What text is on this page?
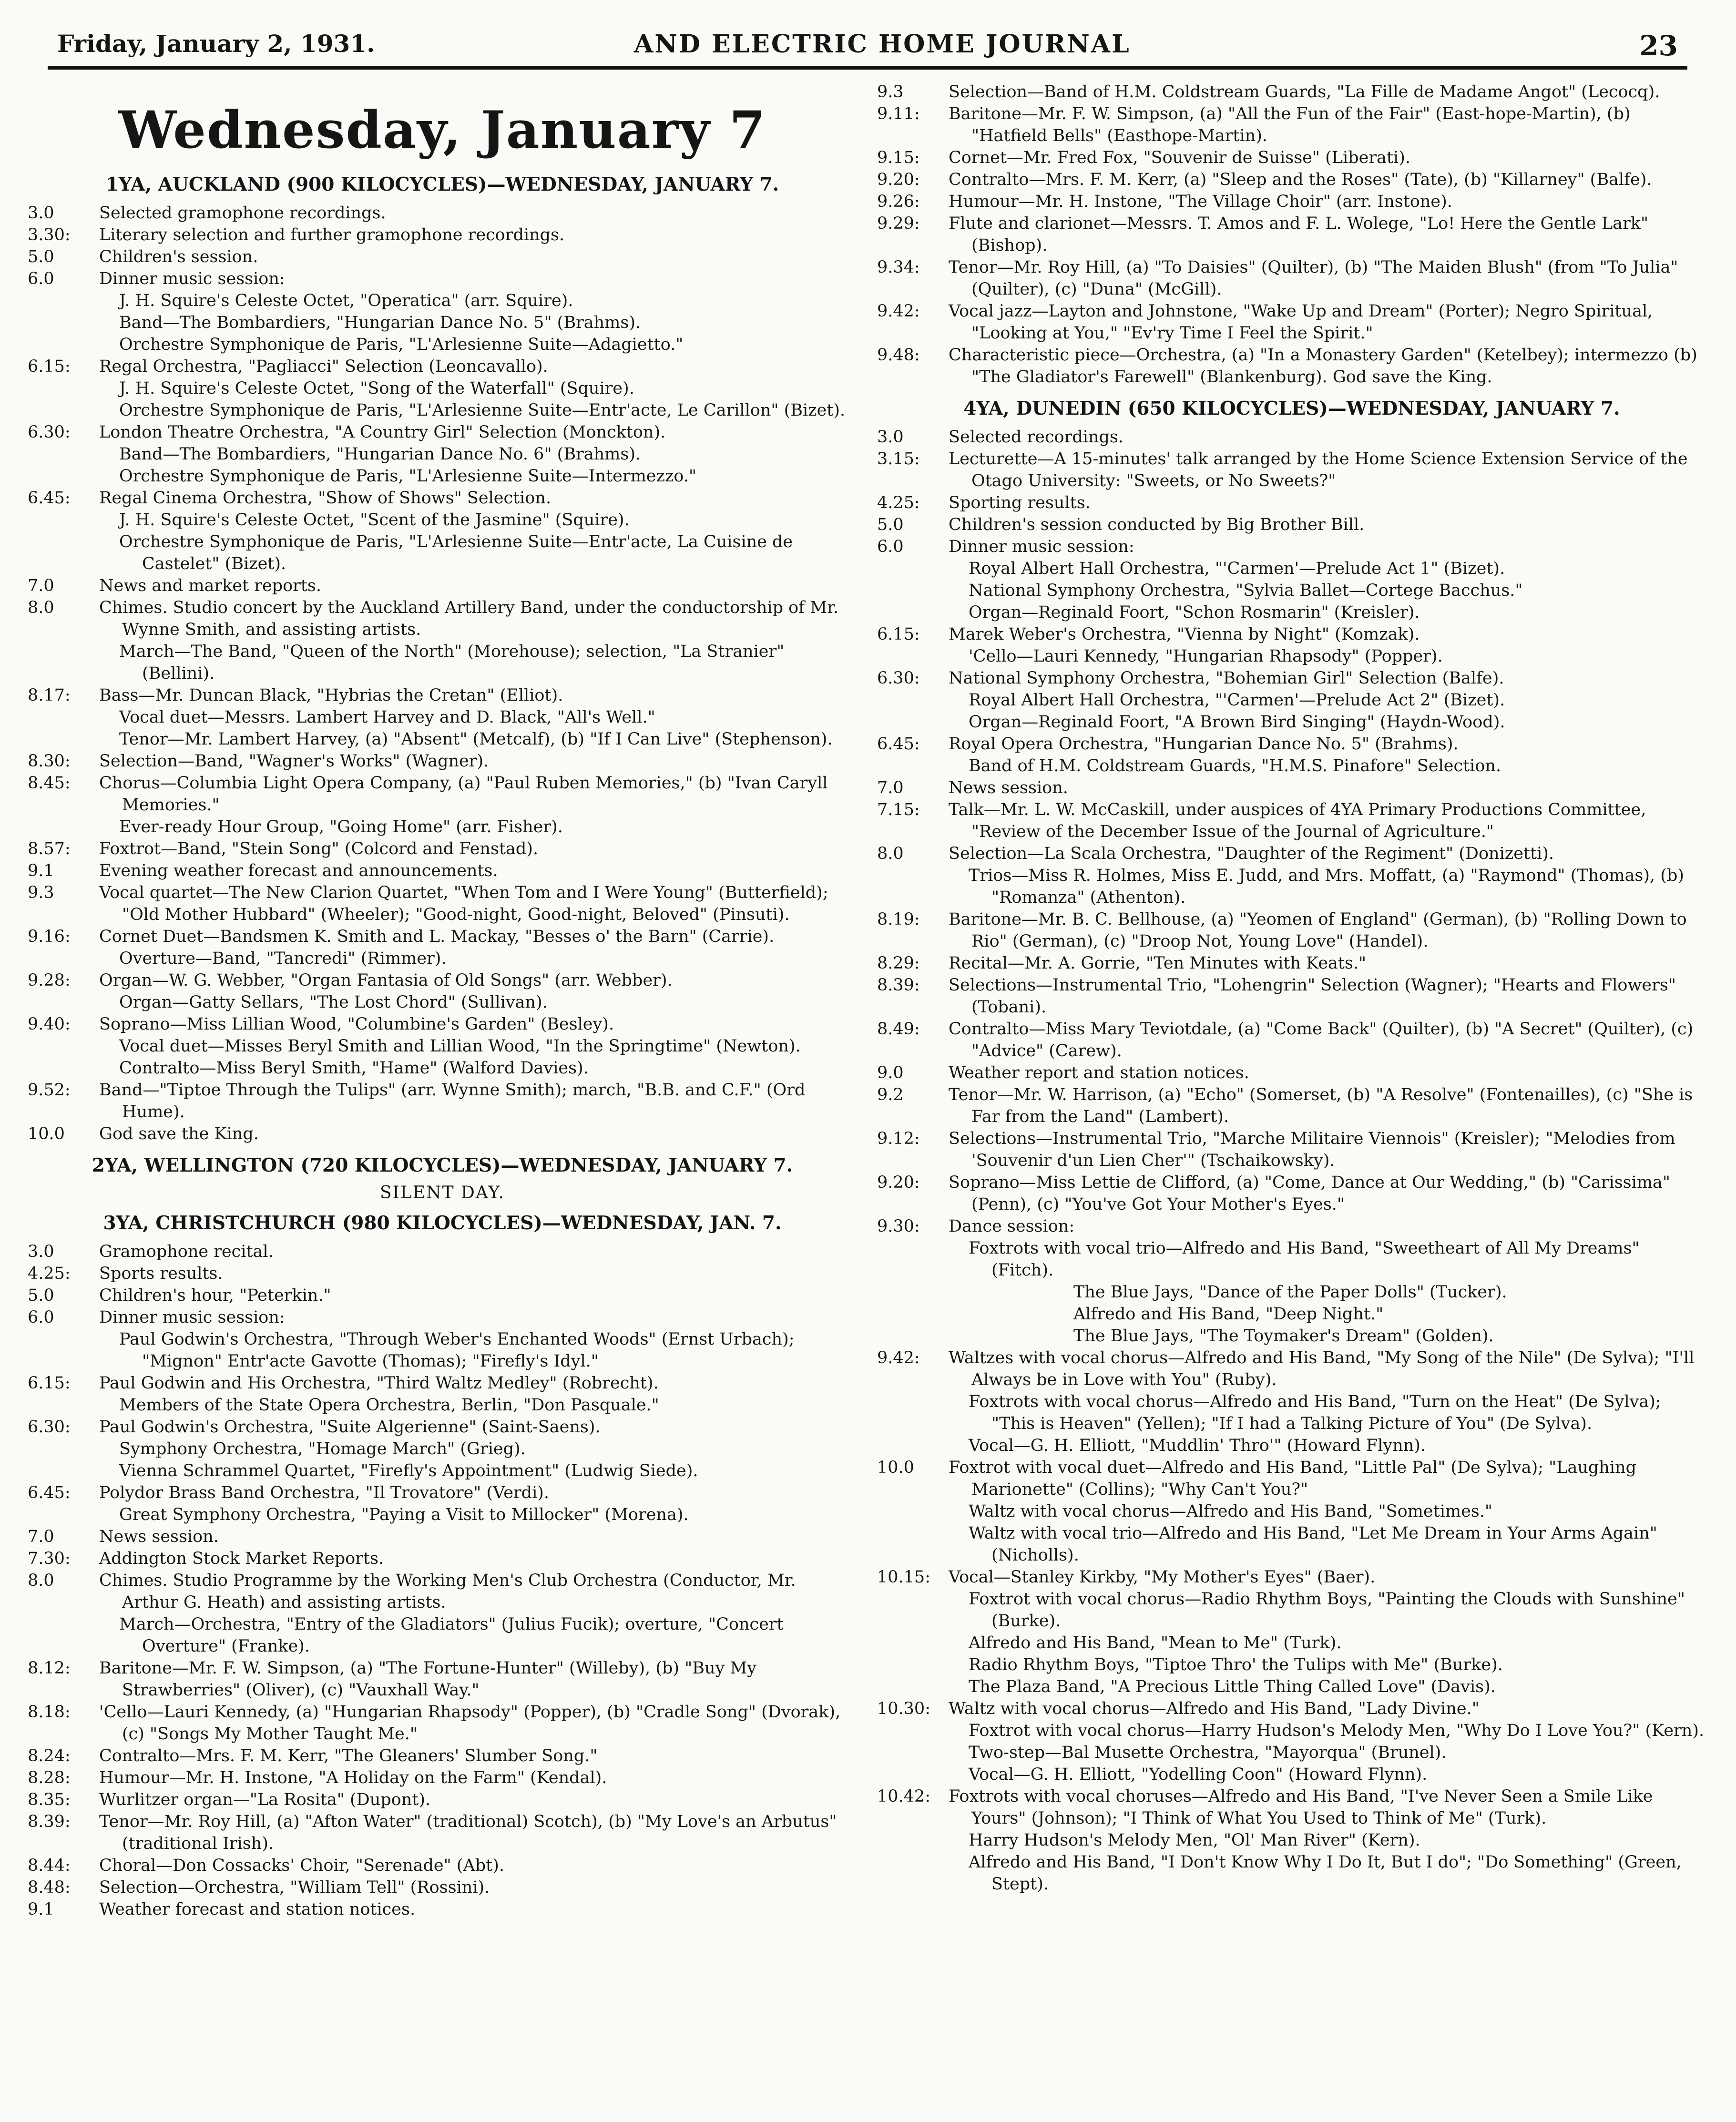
Friday, January 2, 1931.	AND ELECTRIC HOME JOURNAL	23
Wednesday, January 7
1YA, AUCKLAND (900 KILOCYCLES)—WEDNESDAY, JANUARY 7.
3.0	Selected gramophone recordings.
3.30:	Literary selection and further gramophone recordings.
5.0	Children's session.
6.0	Dinner music session:
J. H. Squire's Celeste Octet, "Operatica" (arr. Squire).
Band—The Bombardiers, "Hungarian Dance No. 5" (Brahms).
Orchestre Symphonique de Paris, "L'Arlesienne Suite—Adagietto."
6.15:	Regal Orchestra, "Pagliacci" Selection (Leoncavallo).
J. H. Squire's Celeste Octet, "Song of the Waterfall" (Squire).
Orchestre Symphonique de Paris, "L'Arlesienne Suite—Entr'acte, Le Carillon" (Bizet).
6.30:	London Theatre Orchestra, "A Country Girl" Selection (Monckton).
Band—The Bombardiers, "Hungarian Dance No. 6" (Brahms).
Orchestre Symphonique de Paris, "L'Arlesienne Suite—Intermezzo."
6.45:	Regal Cinema Orchestra, "Show of Shows" Selection.
J. H. Squire's Celeste Octet, "Scent of the Jasmine" (Squire).
Orchestre Symphonique de Paris, "L'Arlesienne Suite—Entr'acte, La Cuisine de Castelet" (Bizet).
7.0	News and market reports.
8.0	Chimes. Studio concert by the Auckland Artillery Band, under the conductorship of Mr. Wynne Smith, and assisting artists.
March—The Band, "Queen of the North" (Morehouse); selection, "La Stranier" (Bellini).
8.17:	Bass—Mr. Duncan Black, "Hybrias the Cretan" (Elliot).
Vocal duet—Messrs. Lambert Harvey and D. Black, "All's Well."
Tenor—Mr. Lambert Harvey, (a) "Absent" (Metcalf), (b) "If I Can Live" (Stephenson).
8.30:	Selection—Band, "Wagner's Works" (Wagner).
8.45:	Chorus—Columbia Light Opera Company, (a) "Paul Ruben Memories," (b) "Ivan Caryll Memories."
Ever-ready Hour Group, "Going Home" (arr. Fisher).
8.57:	Foxtrot—Band, "Stein Song" (Colcord and Fenstad).
9.1	Evening weather forecast and announcements.
9.3	Vocal quartet—The New Clarion Quartet, "When Tom and I Were Young" (Butterfield); "Old Mother Hubbard" (Wheeler); "Good-night, Good-night, Beloved" (Pinsuti).
9.16:	Cornet Duet—Bandsmen K. Smith and L. Mackay, "Besses o' the Barn" (Carrie).
Overture—Band, "Tancredi" (Rimmer).
9.28:	Organ—W. G. Webber, "Organ Fantasia of Old Songs" (arr. Webber).
Organ—Gatty Sellars, "The Lost Chord" (Sullivan).
9.40:	Soprano—Miss Lillian Wood, "Columbine's Garden" (Besley).
Vocal duet—Misses Beryl Smith and Lillian Wood, "In the Springtime" (Newton).
Contralto—Miss Beryl Smith, "Hame" (Walford Davies).
9.52:	Band—"Tiptoe Through the Tulips" (arr. Wynne Smith); march, "B.B. and C.F." (Ord Hume).
10.0	God save the King.
2YA, WELLINGTON (720 KILOCYCLES)—WEDNESDAY, JANUARY 7.
SILENT DAY.
3YA, CHRISTCHURCH (980 KILOCYCLES)—WEDNESDAY, JAN. 7.
3.0	Gramophone recital.
4.25:	Sports results.
5.0	Children's hour, "Peterkin."
6.0	Dinner music session:
Paul Godwin's Orchestra, "Through Weber's Enchanted Woods" (Ernst Urbach); "Mignon" Entr'acte Gavotte (Thomas); "Firefly's Idyl."
6.15:	Paul Godwin and His Orchestra, "Third Waltz Medley" (Robrecht).
Members of the State Opera Orchestra, Berlin, "Don Pasquale."
6.30:	Paul Godwin's Orchestra, "Suite Algerienne" (Saint-Saens).
Symphony Orchestra, "Homage March" (Grieg).
Vienna Schrammel Quartet, "Firefly's Appointment" (Ludwig Siede).
6.45:	Polydor Brass Band Orchestra, "Il Trovatore" (Verdi).
Great Symphony Orchestra, "Paying a Visit to Millocker" (Morena).
7.0	News session.
7.30:	Addington Stock Market Reports.
8.0	Chimes. Studio Programme by the Working Men's Club Orchestra (Conductor, Mr. Arthur G. Heath) and assisting artists.
March—Orchestra, "Entry of the Gladiators" (Julius Fucik); overture, "Concert Overture" (Franke).
8.12:	Baritone—Mr. F. W. Simpson, (a) "The Fortune-Hunter" (Willeby), (b) "Buy My Strawberries" (Oliver), (c) "Vauxhall Way."
8.18:	'Cello—Lauri Kennedy, (a) "Hungarian Rhapsody" (Popper), (b) "Cradle Song" (Dvorak), (c) "Songs My Mother Taught Me."
8.24:	Contralto—Mrs. F. M. Kerr, "The Gleaners' Slumber Song."
8.28:	Humour—Mr. H. Instone, "A Holiday on the Farm" (Kendal).
8.35:	Wurlitzer organ—"La Rosita" (Dupont).
8.39:	Tenor—Mr. Roy Hill, (a) "Afton Water" (traditional) Scotch), (b) "My Love's an Arbutus" (traditional Irish).
8.44:	Choral—Don Cossacks' Choir, "Serenade" (Abt).
8.48:	Selection—Orchestra, "William Tell" (Rossini).
9.1	Weather forecast and station notices.
9.3	Selection—Band of H.M. Coldstream Guards, "La Fille de Madame Angot" (Lecocq).
9.11:	Baritone—Mr. F. W. Simpson, (a) "All the Fun of the Fair" (East-hope-Martin), (b) "Hatfield Bells" (Easthope-Martin).
9.15:	Cornet—Mr. Fred Fox, "Souvenir de Suisse" (Liberati).
9.20:	Contralto—Mrs. F. M. Kerr, (a) "Sleep and the Roses" (Tate), (b) "Killarney" (Balfe).
9.26:	Humour—Mr. H. Instone, "The Village Choir" (arr. Instone).
9.29:	Flute and clarionet—Messrs. T. Amos and F. L. Wolege, "Lo! Here the Gentle Lark" (Bishop).
9.34:	Tenor—Mr. Roy Hill, (a) "To Daisies" (Quilter), (b) "The Maiden Blush" (from "To Julia" (Quilter), (c) "Duna" (McGill).
9.42:	Vocal jazz—Layton and Johnstone, "Wake Up and Dream" (Porter); Negro Spiritual, "Looking at You," "Ev'ry Time I Feel the Spirit."
9.48:	Characteristic piece—Orchestra, (a) "In a Monastery Garden" (Ketelbey); intermezzo (b) "The Gladiator's Farewell" (Blankenburg). God save the King.
4YA, DUNEDIN (650 KILOCYCLES)—WEDNESDAY, JANUARY 7.
3.0	Selected recordings.
3.15:	Lecturette—A 15-minutes' talk arranged by the Home Science Extension Service of the Otago University: "Sweets, or No Sweets?"
4.25:	Sporting results.
5.0	Children's session conducted by Big Brother Bill.
6.0	Dinner music session:
Royal Albert Hall Orchestra, "'Carmen'—Prelude Act 1" (Bizet).
National Symphony Orchestra, "Sylvia Ballet—Cortege Bacchus."
Organ—Reginald Foort, "Schon Rosmarin" (Kreisler).
6.15:	Marek Weber's Orchestra, "Vienna by Night" (Komzak).
'Cello—Lauri Kennedy, "Hungarian Rhapsody" (Popper).
6.30:	National Symphony Orchestra, "Bohemian Girl" Selection (Balfe).
Royal Albert Hall Orchestra, "'Carmen'—Prelude Act 2" (Bizet).
Organ—Reginald Foort, "A Brown Bird Singing" (Haydn-Wood).
6.45:	Royal Opera Orchestra, "Hungarian Dance No. 5" (Brahms).
Band of H.M. Coldstream Guards, "H.M.S. Pinafore" Selection.
7.0	News session.
7.15:	Talk—Mr. L. W. McCaskill, under auspices of 4YA Primary Productions Committee, "Review of the December Issue of the Journal of Agriculture."
8.0	Selection—La Scala Orchestra, "Daughter of the Regiment" (Donizetti).
Trios—Miss R. Holmes, Miss E. Judd, and Mrs. Moffatt, (a) "Raymond" (Thomas), (b) "Romanza" (Athenton).
8.19:	Baritone—Mr. B. C. Bellhouse, (a) "Yeomen of England" (German), (b) "Rolling Down to Rio" (German), (c) "Droop Not, Young Love" (Handel).
8.29:	Recital—Mr. A. Gorrie, "Ten Minutes with Keats."
8.39:	Selections—Instrumental Trio, "Lohengrin" Selection (Wagner); "Hearts and Flowers" (Tobani).
8.49:	Contralto—Miss Mary Teviotdale, (a) "Come Back" (Quilter), (b) "A Secret" (Quilter), (c) "Advice" (Carew).
9.0	Weather report and station notices.
9.2	Tenor—Mr. W. Harrison, (a) "Echo" (Somerset, (b) "A Resolve" (Fontenailles), (c) "She is Far from the Land" (Lambert).
9.12:	Selections—Instrumental Trio, "Marche Militaire Viennois" (Kreisler); "Melodies from 'Souvenir d'un Lien Cher'" (Tschaikowsky).
9.20:	Soprano—Miss Lettie de Clifford, (a) "Come, Dance at Our Wedding," (b) "Carissima" (Penn), (c) "You've Got Your Mother's Eyes."
9.30:	Dance session:
Foxtrots with vocal trio—Alfredo and His Band, "Sweetheart of All My Dreams" (Fitch).
The Blue Jays, "Dance of the Paper Dolls" (Tucker).
Alfredo and His Band, "Deep Night."
The Blue Jays, "The Toymaker's Dream" (Golden).
9.42:	Waltzes with vocal chorus—Alfredo and His Band, "My Song of the Nile" (De Sylva); "I'll Always be in Love with You" (Ruby).
Foxtrots with vocal chorus—Alfredo and His Band, "Turn on the Heat" (De Sylva); "This is Heaven" (Yellen); "If I had a Talking Picture of You" (De Sylva).
Vocal—G. H. Elliott, "Muddlin' Thro'" (Howard Flynn).
10.0	Foxtrot with vocal duet—Alfredo and His Band, "Little Pal" (De Sylva); "Laughing Marionette" (Collins); "Why Can't You?"
Waltz with vocal chorus—Alfredo and His Band, "Sometimes."
Waltz with vocal trio—Alfredo and His Band, "Let Me Dream in Your Arms Again" (Nicholls).
10.15:	Vocal—Stanley Kirkby, "My Mother's Eyes" (Baer).
Foxtrot with vocal chorus—Radio Rhythm Boys, "Painting the Clouds with Sunshine" (Burke).
Alfredo and His Band, "Mean to Me" (Turk).
Radio Rhythm Boys, "Tiptoe Thro' the Tulips with Me" (Burke).
The Plaza Band, "A Precious Little Thing Called Love" (Davis).
10.30:	Waltz with vocal chorus—Alfredo and His Band, "Lady Divine."
Foxtrot with vocal chorus—Harry Hudson's Melody Men, "Why Do I Love You?" (Kern).
Two-step—Bal Musette Orchestra, "Mayorqua" (Brunel).
Vocal—G. H. Elliott, "Yodelling Coon" (Howard Flynn).
10.42:	Foxtrots with vocal choruses—Alfredo and His Band, "I've Never Seen a Smile Like Yours" (Johnson); "I Think of What You Used to Think of Me" (Turk).
Harry Hudson's Melody Men, "Ol' Man River" (Kern).
Alfredo and His Band, "I Don't Know Why I Do It, But I do"; "Do Something" (Green, Stept).
